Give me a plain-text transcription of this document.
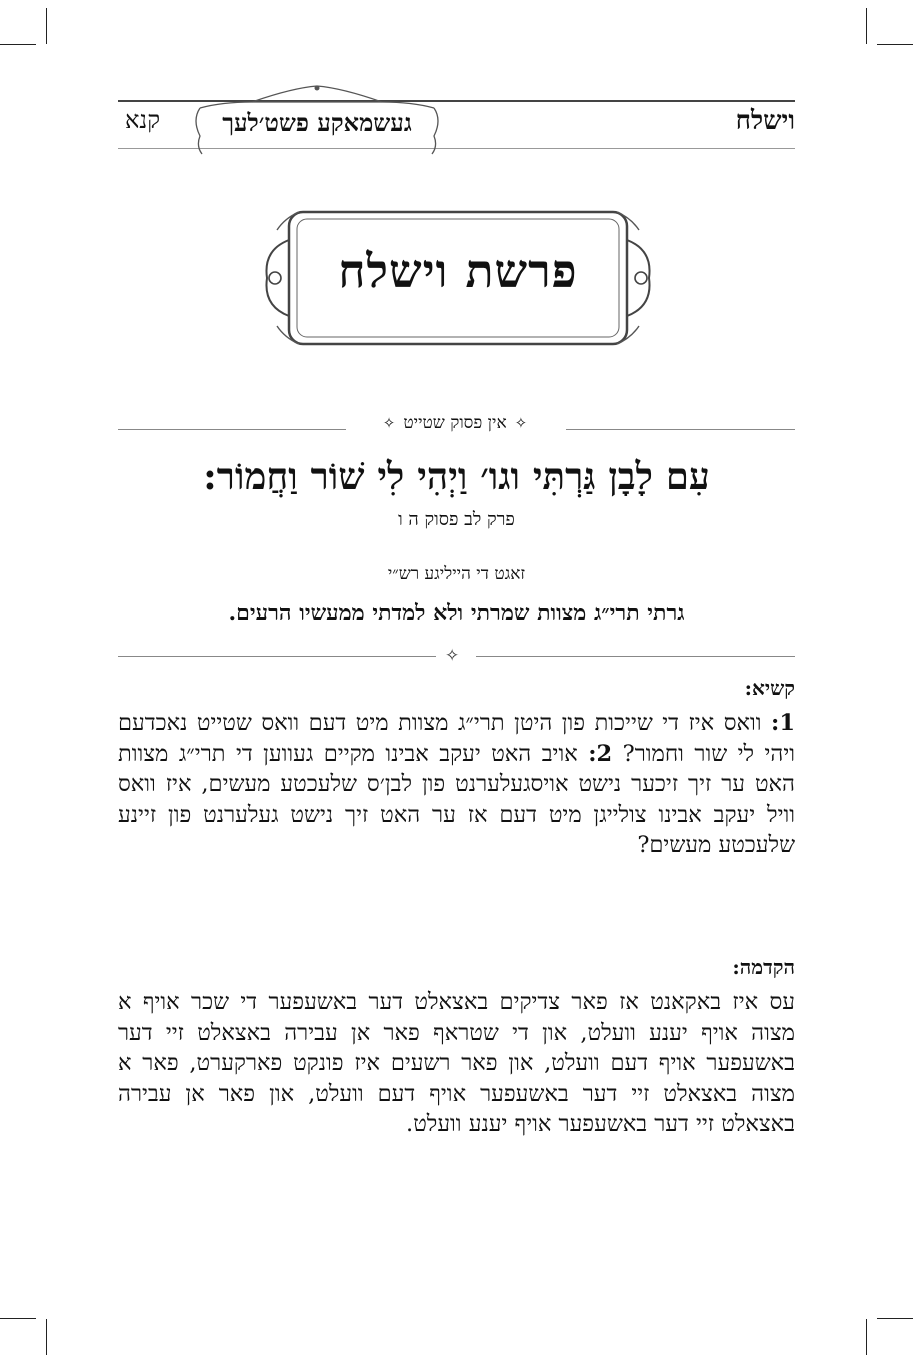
וישלח
געשמאקע פשט׳לעך
קנא
פרשת וישלח
✧אין פסוק שטייט✧
עִם לָבָן גַּרְתִּי וגו׳ וַיְהִי לִי שׁוֹר וַחֲמוֹר:
פרק לב פסוק ה ו
זאגט די הייליגע רש״י
גרתי תרי״ג מצוות שמרתי ולא למדתי ממעשיו הרעים.
✧
קשיא:
1: וואס איז די שייכות פון היטן תרי״ג מצוות מיט דעם וואס שטייט נאכדעם ויהי לי שור וחמור? 2: אויב האט יעקב אבינו מקיים געווען די תרי״ג מצוות האט ער זיך זיכער נישט אויסגעלערנט פון לבן׳ס שלעכטע מעשים, איז וואס וויל יעקב אבינו צולייגן מיט דעם אז ער האט זיך נישט געלערנט פון זיינע שלעכטע מעשים?
הקדמה:
עס איז באקאנט אז פאר צדיקים באצאלט דער באשעפער די שכר אויף א מצוה אויף יענע וועלט, און די שטראף פאר אן עבירה באצאלט זיי דער באשעפער אויף דעם וועלט, און פאר רשעים איז פונקט פארקערט, פאר א מצוה באצאלט זיי דער באשעפער אויף דעם וועלט, און פאר אן עבירה באצאלט זיי דער באשעפער אויף יענע וועלט.
